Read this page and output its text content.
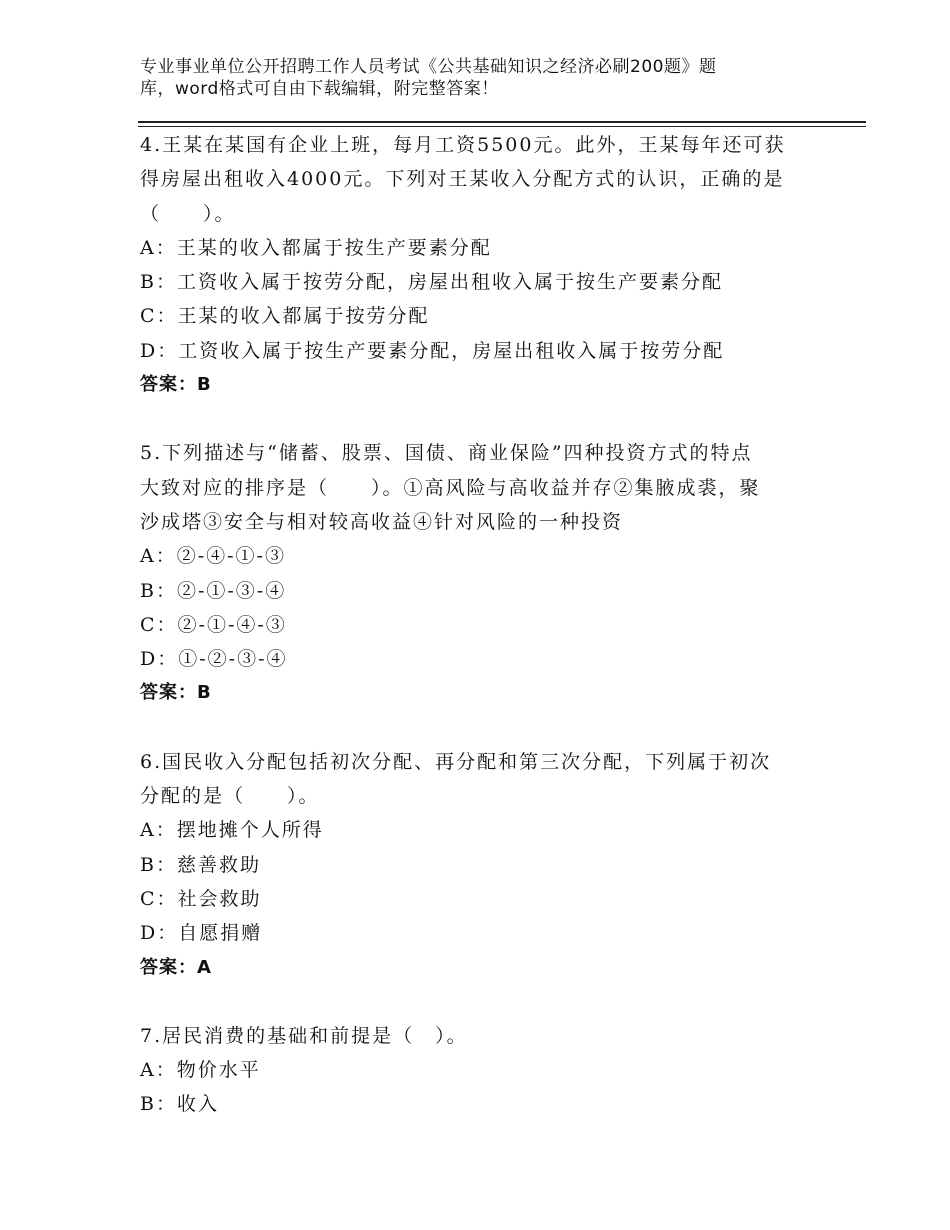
专业事业单位公开招聘工作人员考试《公共基础知识之经济必刷200题》题
库，word格式可自由下载编辑，附完整答案！
4.王某在某国有企业上班，每月工资5500元。此外，王某每年还可获
得房屋出租收入4000元。下列对王某收入分配方式的认识，正确的是
（　　）。
A：王某的收入都属于按生产要素分配
B：工资收入属于按劳分配，房屋出租收入属于按生产要素分配
C：王某的收入都属于按劳分配
D：工资收入属于按生产要素分配，房屋出租收入属于按劳分配
答案：B
5.下列描述与“储蓄、股票、国债、商业保险”四种投资方式的特点
大致对应的排序是（　　）。①高风险与高收益并存②集腋成裘，聚
沙成塔③安全与相对较高收益④针对风险的一种投资
A：②-④-①-③
B：②-①-③-④
C：②-①-④-③
D：①-②-③-④
答案：B
6.国民收入分配包括初次分配、再分配和第三次分配，下列属于初次
分配的是（　　）。
A：摆地摊个人所得
B：慈善救助
C：社会救助
D：自愿捐赠
答案：A
7.居民消费的基础和前提是（　）。
A：物价水平
B：收入
